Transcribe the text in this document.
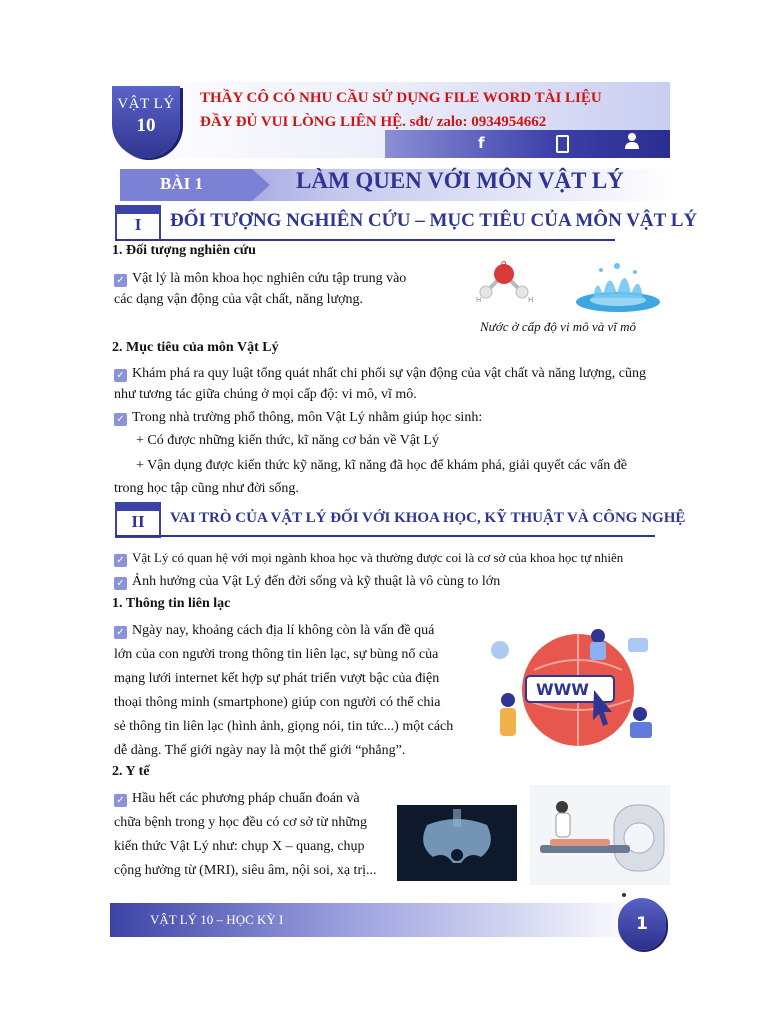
VẬT LÝ
10
THẦY CÔ CÓ NHU CẦU SỬ DỤNG FILE WORD TÀI LIỆU
ĐẦY ĐỦ VUI LÒNG LIÊN HỆ. sđt/ zalo: 0934954662
f
BÀI 1	LÀM QUEN VỚI MÔN VẬT LÝ
I	ĐỐI TƯỢNG NGHIÊN CỨU – MỤC TIÊU CỦA MÔN VẬT LÝ
1. Đối tượng nghiên cứu
✓ Vật lý là môn khoa học nghiên cứu tập trung vào
các dạng vận động của vật chất, năng lượng.
O
H	H
Nước ở cấp độ vi mô và vĩ mô
2. Mục tiêu của môn Vật Lý
✓ Khám phá ra quy luật tổng quát nhất chi phối sự vận động của vật chất và năng lượng, cũng
như tương tác giữa chúng ở mọi cấp độ: vi mô, vĩ mô.
✓ Trong nhà trường phổ thông, môn Vật Lý nhằm giúp học sinh:
+ Có được những kiến thức, kĩ năng cơ bản về Vật Lý
+ Vận dụng được kiến thức kỹ năng, kĩ năng đã học để khám phá, giải quyết các vấn đề
trong học tập cũng như đời sống.
II	VAI TRÒ CỦA VẬT LÝ ĐỐI VỚI KHOA HỌC, KỸ THUẬT VÀ CÔNG NGHỆ
✓ Vật Lý có quan hệ với mọi ngành khoa học và thường được coi là cơ sở của khoa học tự nhiên
✓ Ảnh hưởng của Vật Lý đến đời sống và kỹ thuật là vô cùng to lớn
1. Thông tin liên lạc
✓ Ngày nay, khoảng cách địa lí không còn là vấn đề quá
lớn của con người trong thông tin liên lạc, sự bùng nổ của
mạng lưới internet kết hợp sự phát triển vượt bậc của điện
thoại thông minh (smartphone) giúp con người có thể chia
sẻ thông tin liên lạc (hình ảnh, giọng nói, tin tức...) một cách
dễ dàng. Thế giới ngày nay là một thế giới “phẳng”.
WWW
2. Y tế
✓ Hầu hết các phương pháp chuẩn đoán và
chữa bệnh trong y học đều có cơ sở từ những
kiến thức Vật Lý như: chụp X – quang, chụp
cộng hưởng từ (MRI), siêu âm, nội soi, xạ trị...
VẬT LÝ 10 – HỌC KỲ I	1
